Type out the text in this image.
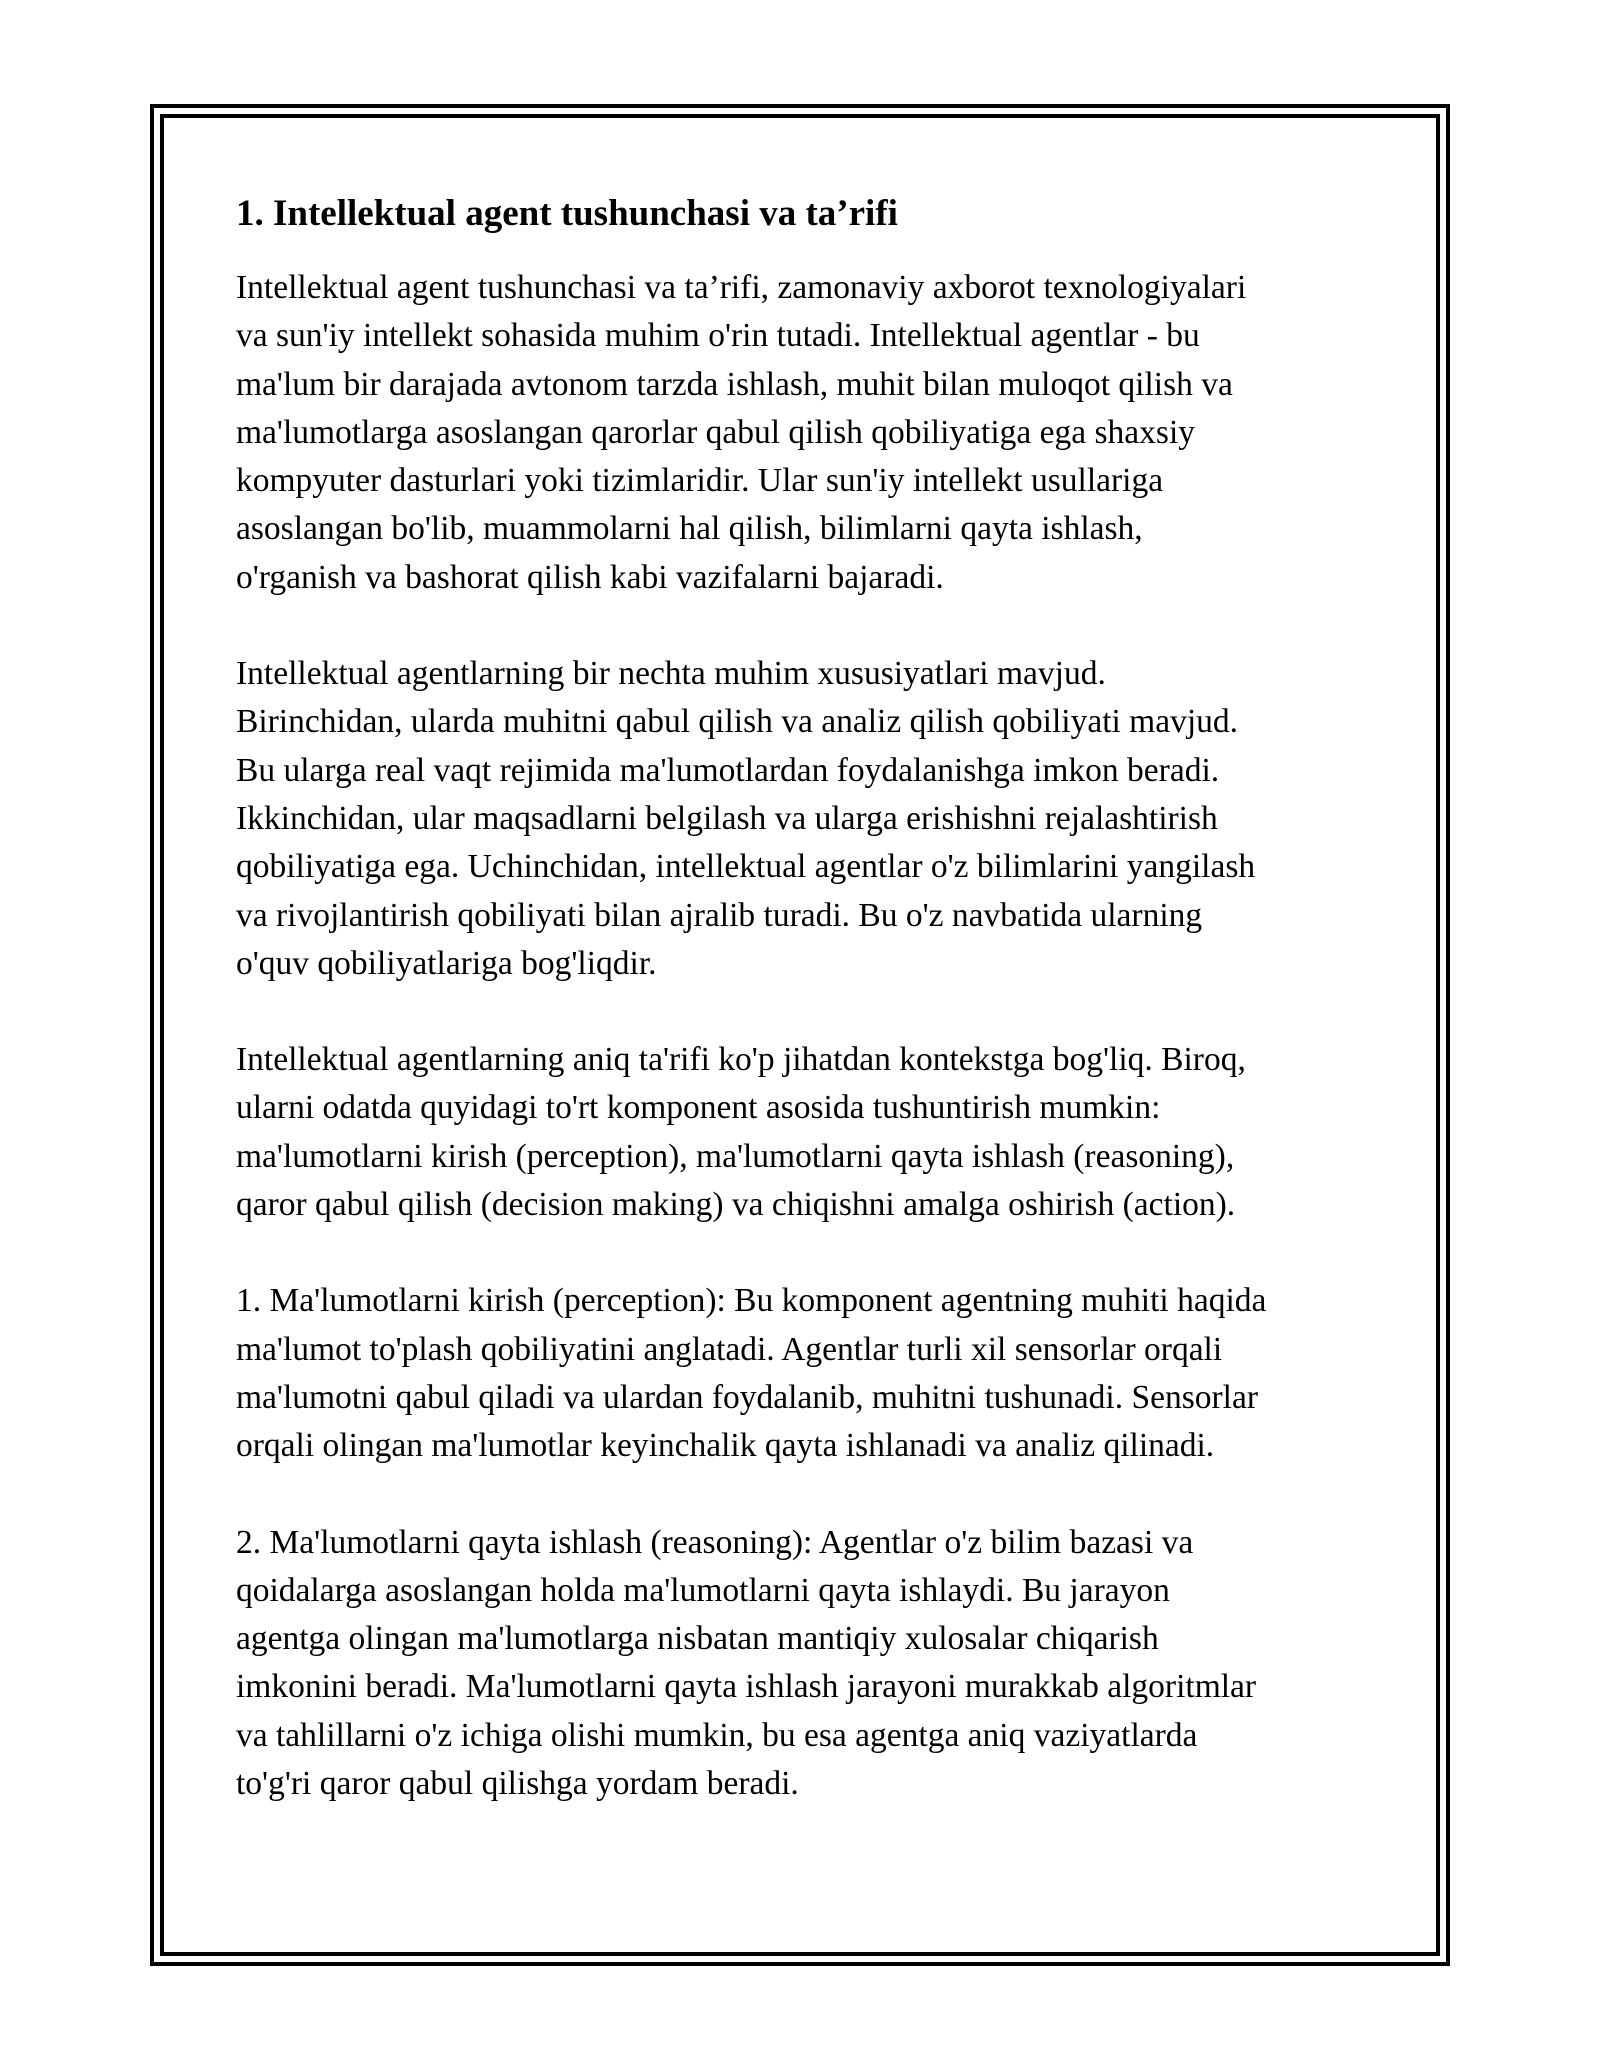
1. Intellektual agent tushunchasi va ta’rifi

Intellektual agent tushunchasi va ta’rifi, zamonaviy axborot texnologiyalari
va sun'iy intellekt sohasida muhim o'rin tutadi. Intellektual agentlar - bu
ma'lum bir darajada avtonom tarzda ishlash, muhit bilan muloqot qilish va
ma'lumotlarga asoslangan qarorlar qabul qilish qobiliyatiga ega shaxsiy
kompyuter dasturlari yoki tizimlaridir. Ular sun'iy intellekt usullariga
asoslangan bo'lib, muammolarni hal qilish, bilimlarni qayta ishlash,
o'rganish va bashorat qilish kabi vazifalarni bajaradi.

Intellektual agentlarning bir nechta muhim xususiyatlari mavjud.
Birinchidan, ularda muhitni qabul qilish va analiz qilish qobiliyati mavjud.
Bu ularga real vaqt rejimida ma'lumotlardan foydalanishga imkon beradi.
Ikkinchidan, ular maqsadlarni belgilash va ularga erishishni rejalashtirish
qobiliyatiga ega. Uchinchidan, intellektual agentlar o'z bilimlarini yangilash
va rivojlantirish qobiliyati bilan ajralib turadi. Bu o'z navbatida ularning
o'quv qobiliyatlariga bog'liqdir.

Intellektual agentlarning aniq ta'rifi ko'p jihatdan kontekstga bog'liq. Biroq,
ularni odatda quyidagi to'rt komponent asosida tushuntirish mumkin:
ma'lumotlarni kirish (perception), ma'lumotlarni qayta ishlash (reasoning),
qaror qabul qilish (decision making) va chiqishni amalga oshirish (action).

1. Ma'lumotlarni kirish (perception): Bu komponent agentning muhiti haqida
ma'lumot to'plash qobiliyatini anglatadi. Agentlar turli xil sensorlar orqali
ma'lumotni qabul qiladi va ulardan foydalanib, muhitni tushunadi. Sensorlar
orqali olingan ma'lumotlar keyinchalik qayta ishlanadi va analiz qilinadi.

2. Ma'lumotlarni qayta ishlash (reasoning): Agentlar o'z bilim bazasi va
qoidalarga asoslangan holda ma'lumotlarni qayta ishlaydi. Bu jarayon
agentga olingan ma'lumotlarga nisbatan mantiqiy xulosalar chiqarish
imkonini beradi. Ma'lumotlarni qayta ishlash jarayoni murakkab algoritmlar
va tahlillarni o'z ichiga olishi mumkin, bu esa agentga aniq vaziyatlarda
to'g'ri qaror qabul qilishga yordam beradi.
